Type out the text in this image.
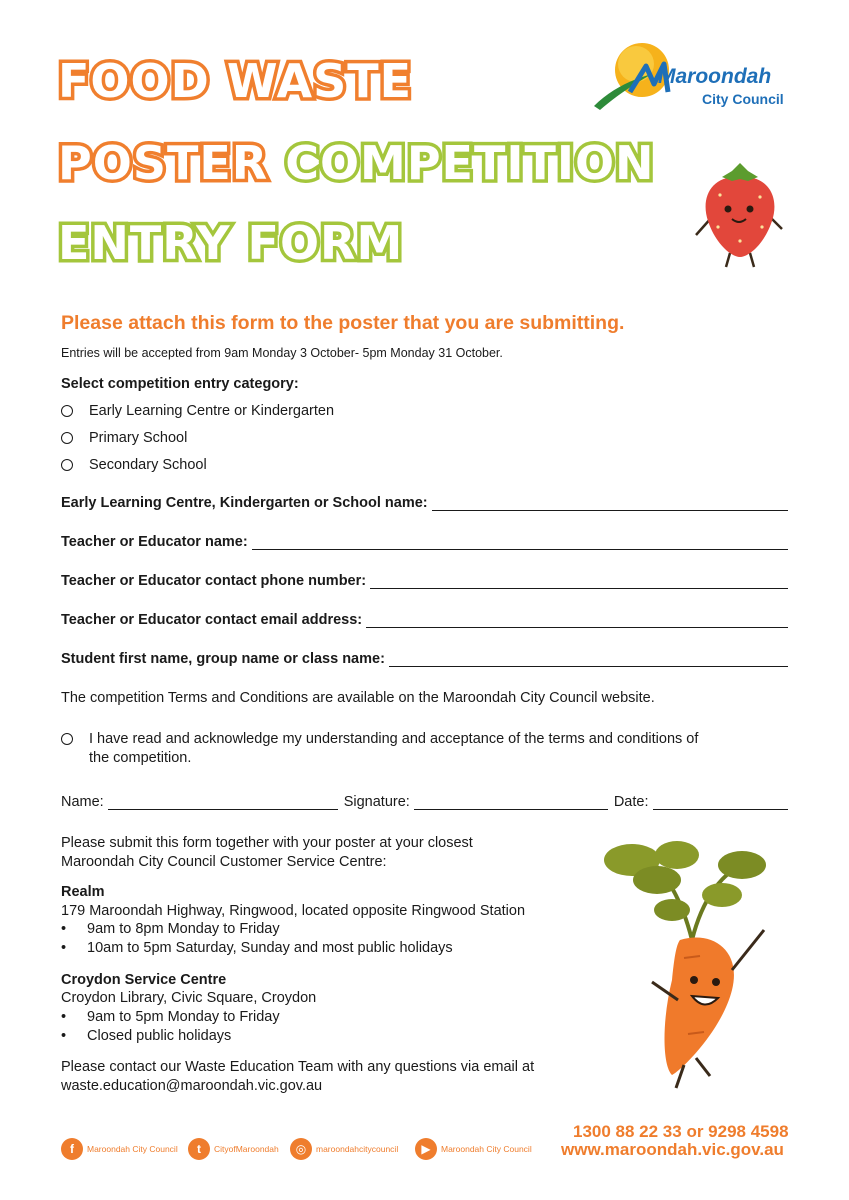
FOOD WASTE
POSTER COMPETITION
ENTRY FORM
Maroondah
City Council
Please attach this form to the poster that you are submitting.
Entries will be accepted from 9am Monday 3 October- 5pm Monday 31 October.
Select competition entry category:
Early Learning Centre or Kindergarten
Primary School
Secondary School
Early Learning Centre, Kindergarten or School name:
Teacher or Educator name:
Teacher or Educator contact phone number:
Teacher or Educator contact email address:
Student first name, group name or class name:
The competition Terms and Conditions are available on the Maroondah City Council website.
I have read and acknowledge my understanding and acceptance of the terms and conditions of the competition.
Name:	Signature:	Date:
Please submit this form together with your poster at your closest Maroondah City Council Customer Service Centre:
Realm
179 Maroondah Highway, Ringwood, located opposite Ringwood Station
•	9am to 8pm Monday to Friday
•	10am to 5pm Saturday, Sunday and most public holidays
Croydon Service Centre
Croydon Library, Civic Square, Croydon
•	9am to 5pm Monday to Friday
•	Closed public holidays
Please contact our Waste Education Team with any questions via email at waste.education@maroondah.vic.gov.au
f	Maroondah City Council	t	CityofMaroondah	◎	maroondahcitycouncil	▶	Maroondah City Council
1300 88 22 33 or 9298 4598
www.maroondah.vic.gov.au
